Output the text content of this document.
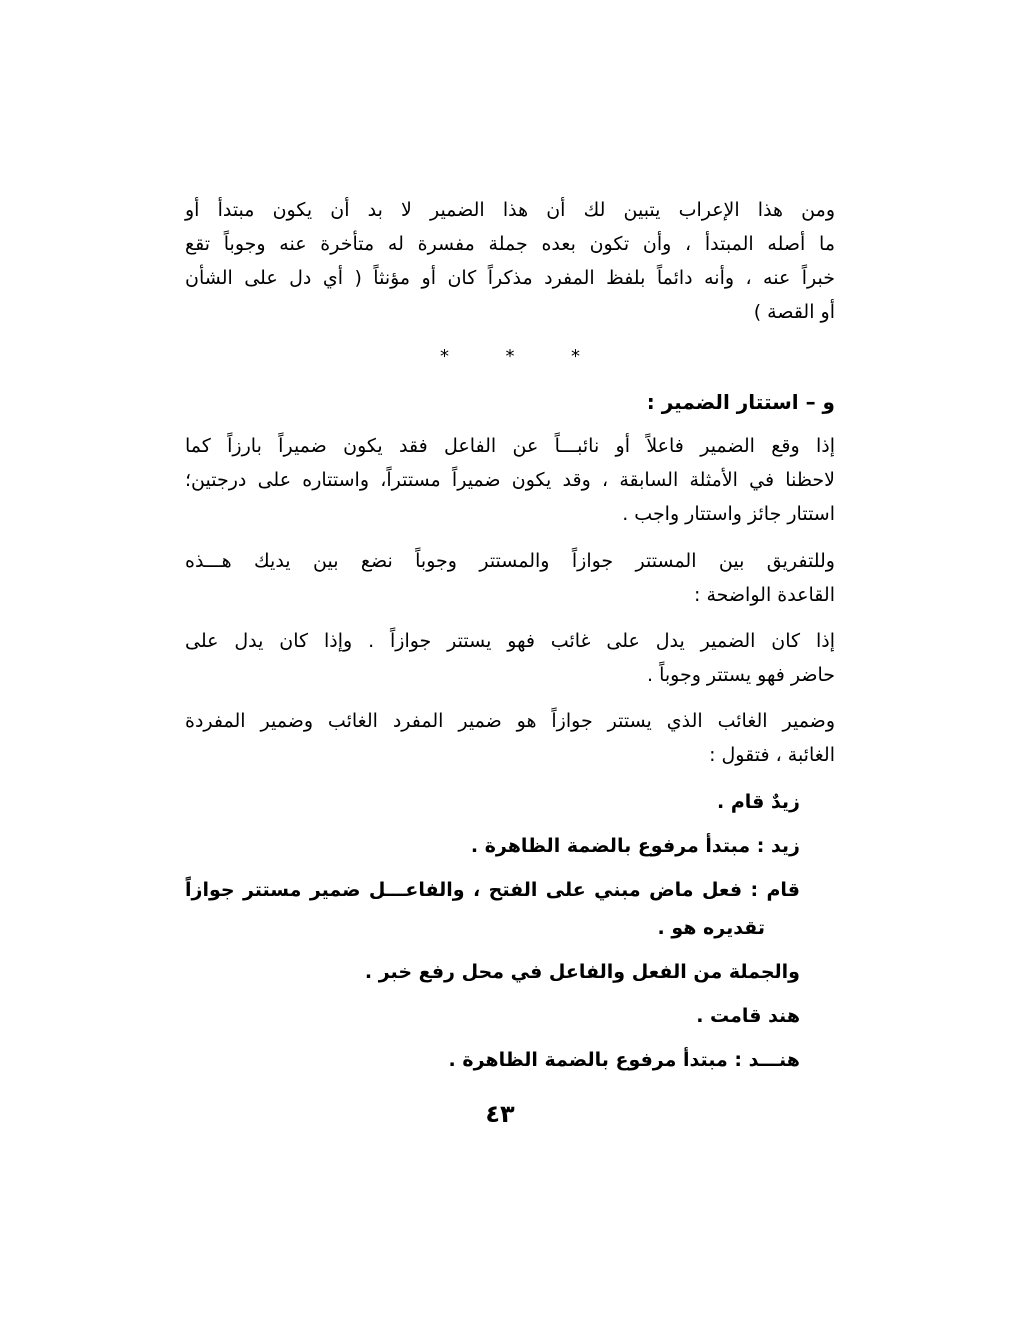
ومن هذا الإعراب يتبين لك أن هذا الضمير لا بد أن يكون مبتدأ أو
ما أصله المبتدأ ، وأن تكون بعده جملة مفسرة له متأخرة عنه وجوباً تقع
خبراً عنه ، وأنه دائماً بلفظ المفرد مذكراً كان أو مؤنثاً ( أي دل على الشأن
أو القصة )
*	*	*
و – استتار الضمير :
إذا وقع الضمير فاعلاً أو نائبـــاً عن الفاعل فقد يكون ضميراً بارزاً كما
لاحظنا في الأمثلة السابقة ، وقد يكون ضميراً مستتراً، واستتاره على درجتين؛
استتار جائز واستتار واجب .
وللتفريق بين المستتر جوازاً والمستتر وجوباً نضع بين يديك هـــذه
القاعدة الواضحة :
إذا كان الضمير يدل على غائب فهو يستتر جوازاً . وإذا كان يدل على
حاضر فهو يستتر وجوباً .
وضمير الغائب الذي يستتر جوازاً هو ضمير المفرد الغائب وضمير المفردة
الغائبة ، فتقول :
زيدٌ قام .
زيد : مبتدأ مرفوع بالضمة الظاهرة .
قام : فعل ماض مبني على الفتح ، والفاعـــل ضمير مستتر جوازاً
تقديره هو .
والجملة من الفعل والفاعل في محل رفع خبر .
هند قامت .
هنـــد : مبتدأ مرفوع بالضمة الظاهرة .
٤٣
